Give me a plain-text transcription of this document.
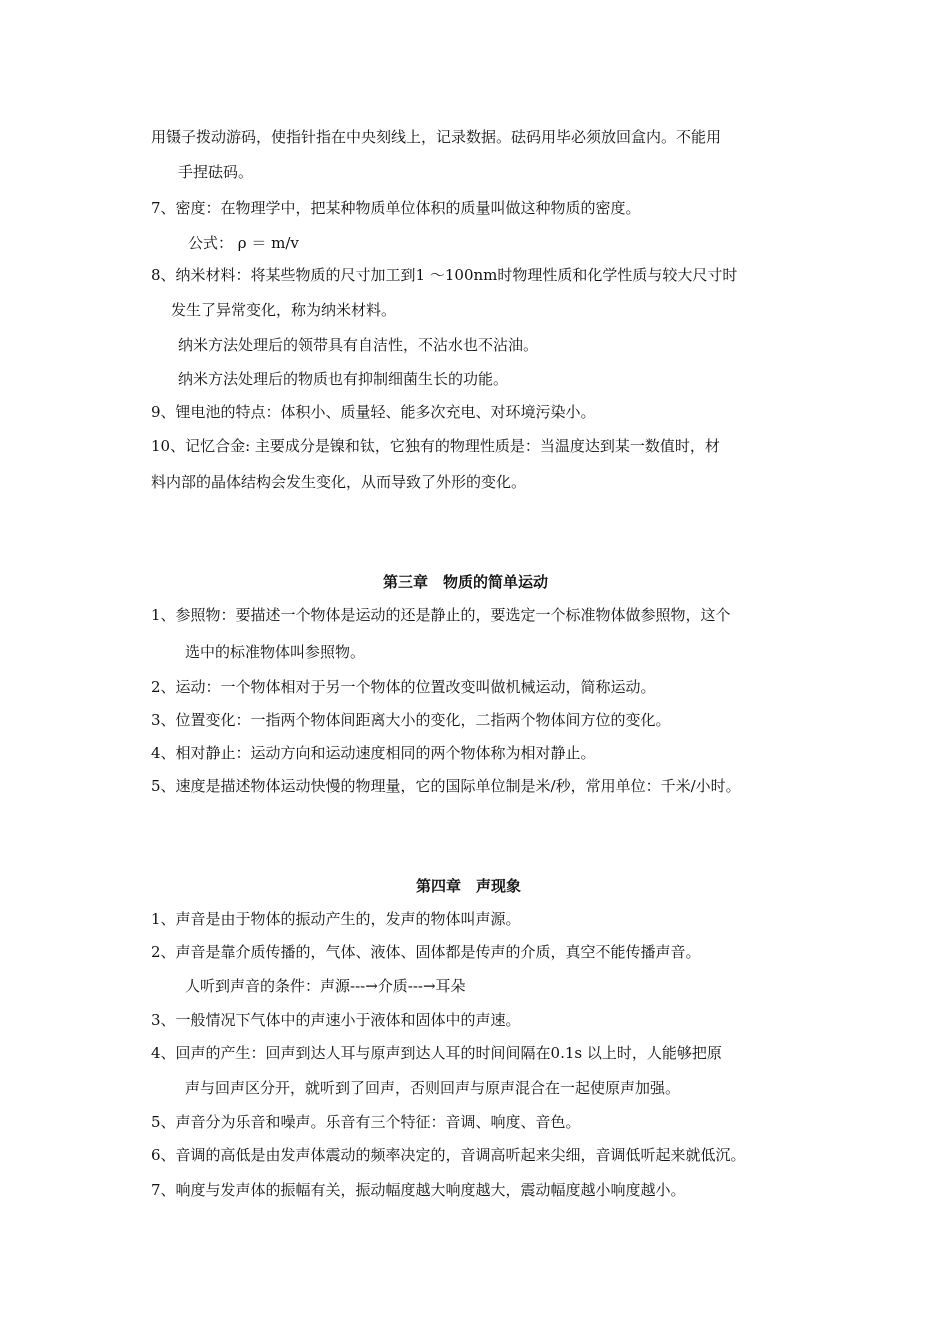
用镊子拨动游码，使指针指在中央刻线上，记录数据。砝码用毕必须放回盒内。不能用
手捏砝码。
7、密度：在物理学中，把某种物质单位体积的质量叫做这种物质的密度。
公式： ρ ＝ m/v
8、纳米材料：将某些物质的尺寸加工到1 ～100nm时物理性质和化学性质与较大尺寸时
发生了异常变化，称为纳米材料。
纳米方法处理后的领带具有自洁性，不沾水也不沾油。
纳米方法处理后的物质也有抑制细菌生长的功能。
9、锂电池的特点：体积小、质量轻、能多次充电、对环境污染小。
10、记忆合金: 主要成分是镍和钛，它独有的物理性质是：当温度达到某一数值时，材
料内部的晶体结构会发生变化，从而导致了外形的变化。
第三章　物质的简单运动
1、参照物：要描述一个物体是运动的还是静止的，要选定一个标准物体做参照物，这个
选中的标准物体叫参照物。
2、运动：一个物体相对于另一个物体的位置改变叫做机械运动，简称运动。
3、位置变化：一指两个物体间距离大小的变化，二指两个物体间方位的变化。
4、相对静止：运动方向和运动速度相同的两个物体称为相对静止。
5、速度是描述物体运动快慢的物理量，它的国际单位制是米/秒，常用单位：千米/小时。
第四章　声现象
1、声音是由于物体的振动产生的，发声的物体叫声源。
2、声音是靠介质传播的，气体、液体、固体都是传声的介质，真空不能传播声音。
人听到声音的条件：声源---→介质---→耳朵
3、一般情况下气体中的声速小于液体和固体中的声速。
4、回声的产生：回声到达人耳与原声到达人耳的时间间隔在0.1s 以上时，人能够把原
声与回声区分开，就听到了回声，否则回声与原声混合在一起使原声加强。
5、声音分为乐音和噪声。乐音有三个特征：音调、响度、音色。
6、音调的高低是由发声体震动的频率决定的，音调高听起来尖细，音调低听起来就低沉。
7、响度与发声体的振幅有关，振动幅度越大响度越大，震动幅度越小响度越小。
